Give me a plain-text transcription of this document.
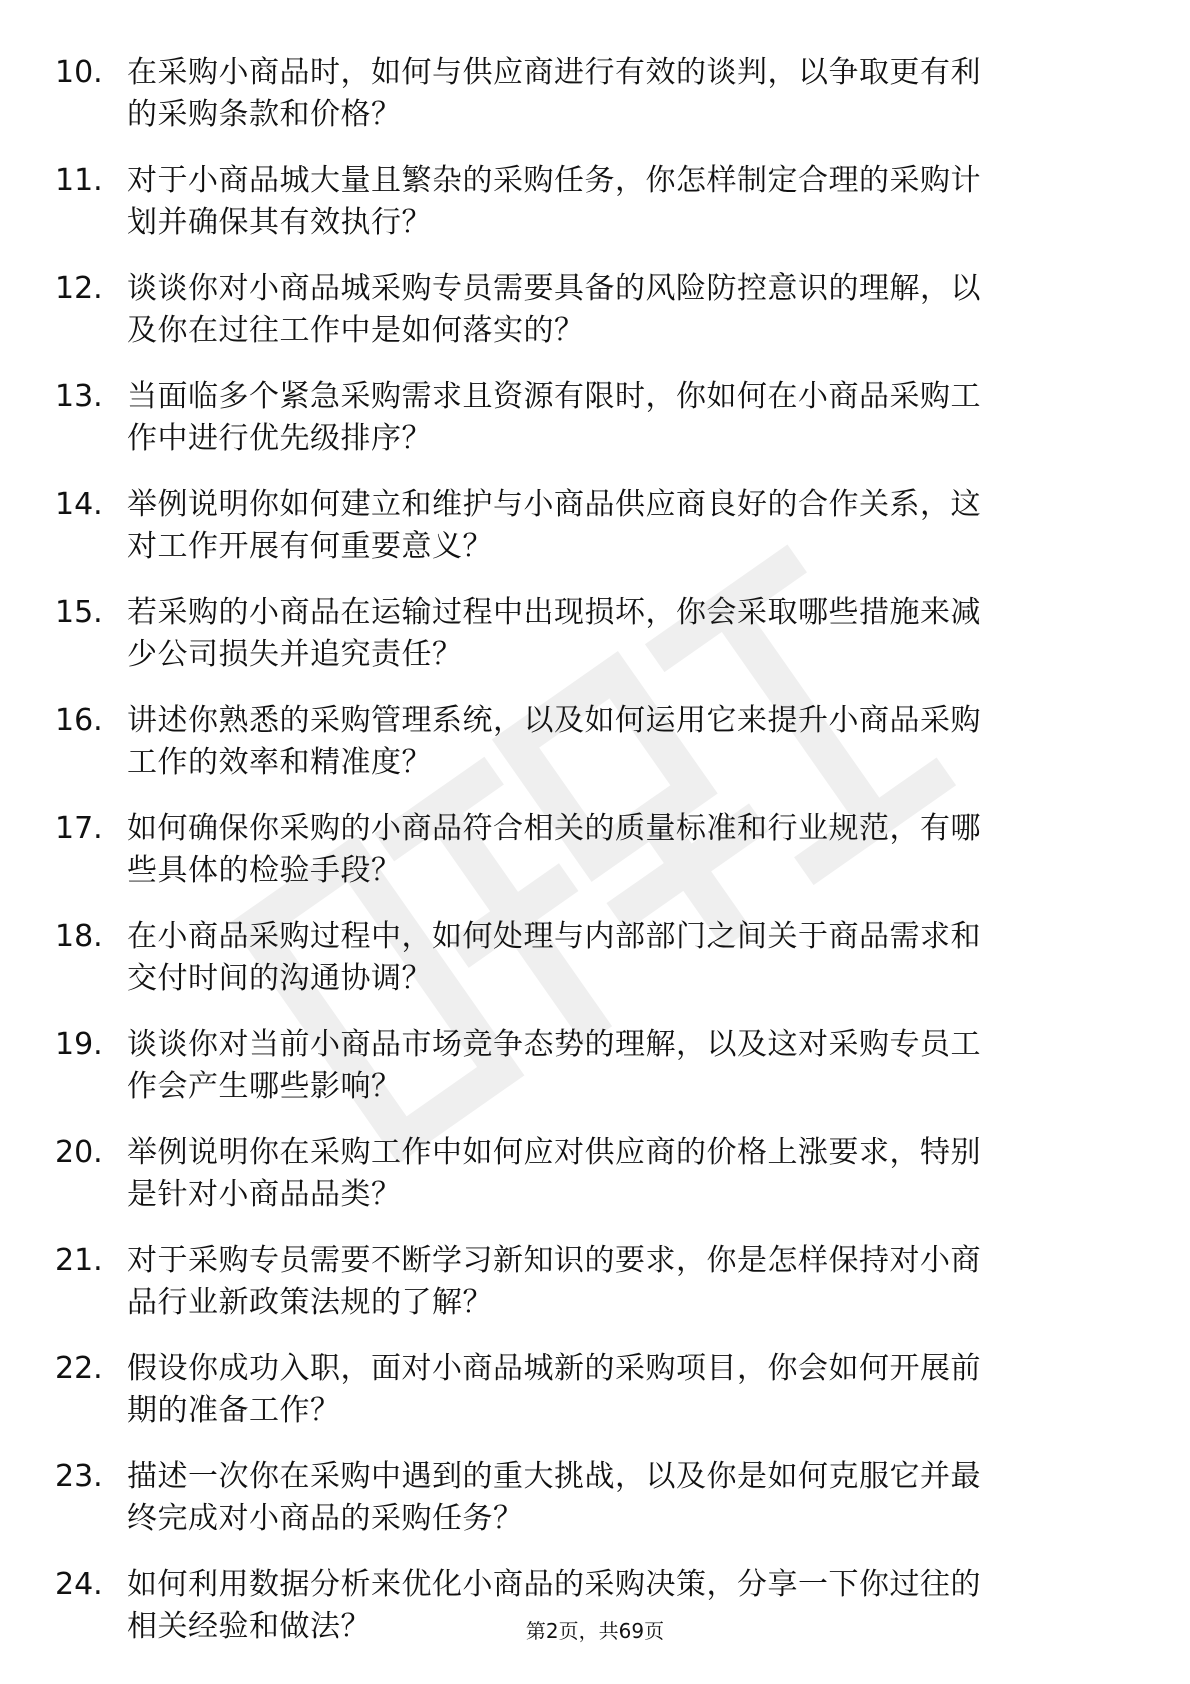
10. 在采购小商品时，如何与供应商进行有效的谈判，以争取更有利
的采购条款和价格？
11. 对于小商品城大量且繁杂的采购任务，你怎样制定合理的采购计
划并确保其有效执行？
12. 谈谈你对小商品城采购专员需要具备的风险防控意识的理解，以
及你在过往工作中是如何落实的？
13. 当面临多个紧急采购需求且资源有限时，你如何在小商品采购工
作中进行优先级排序？
14. 举例说明你如何建立和维护与小商品供应商良好的合作关系，这
对工作开展有何重要意义？
15. 若采购的小商品在运输过程中出现损坏，你会采取哪些措施来减
少公司损失并追究责任？
16. 讲述你熟悉的采购管理系统，以及如何运用它来提升小商品采购
工作的效率和精准度？
17. 如何确保你采购的小商品符合相关的质量标准和行业规范，有哪
些具体的检验手段？
18. 在小商品采购过程中，如何处理与内部部门之间关于商品需求和
交付时间的沟通协调？
19. 谈谈你对当前小商品市场竞争态势的理解，以及这对采购专员工
作会产生哪些影响？
20. 举例说明你在采购工作中如何应对供应商的价格上涨要求，特别
是针对小商品品类？
21. 对于采购专员需要不断学习新知识的要求，你是怎样保持对小商
品行业新政策法规的了解？
22. 假设你成功入职，面对小商品城新的采购项目，你会如何开展前
期的准备工作？
23. 描述一次你在采购中遇到的重大挑战，以及你是如何克服它并最
终完成对小商品的采购任务？
24. 如何利用数据分析来优化小商品的采购决策，分享一下你过往的
相关经验和做法？	第2页，共69页
